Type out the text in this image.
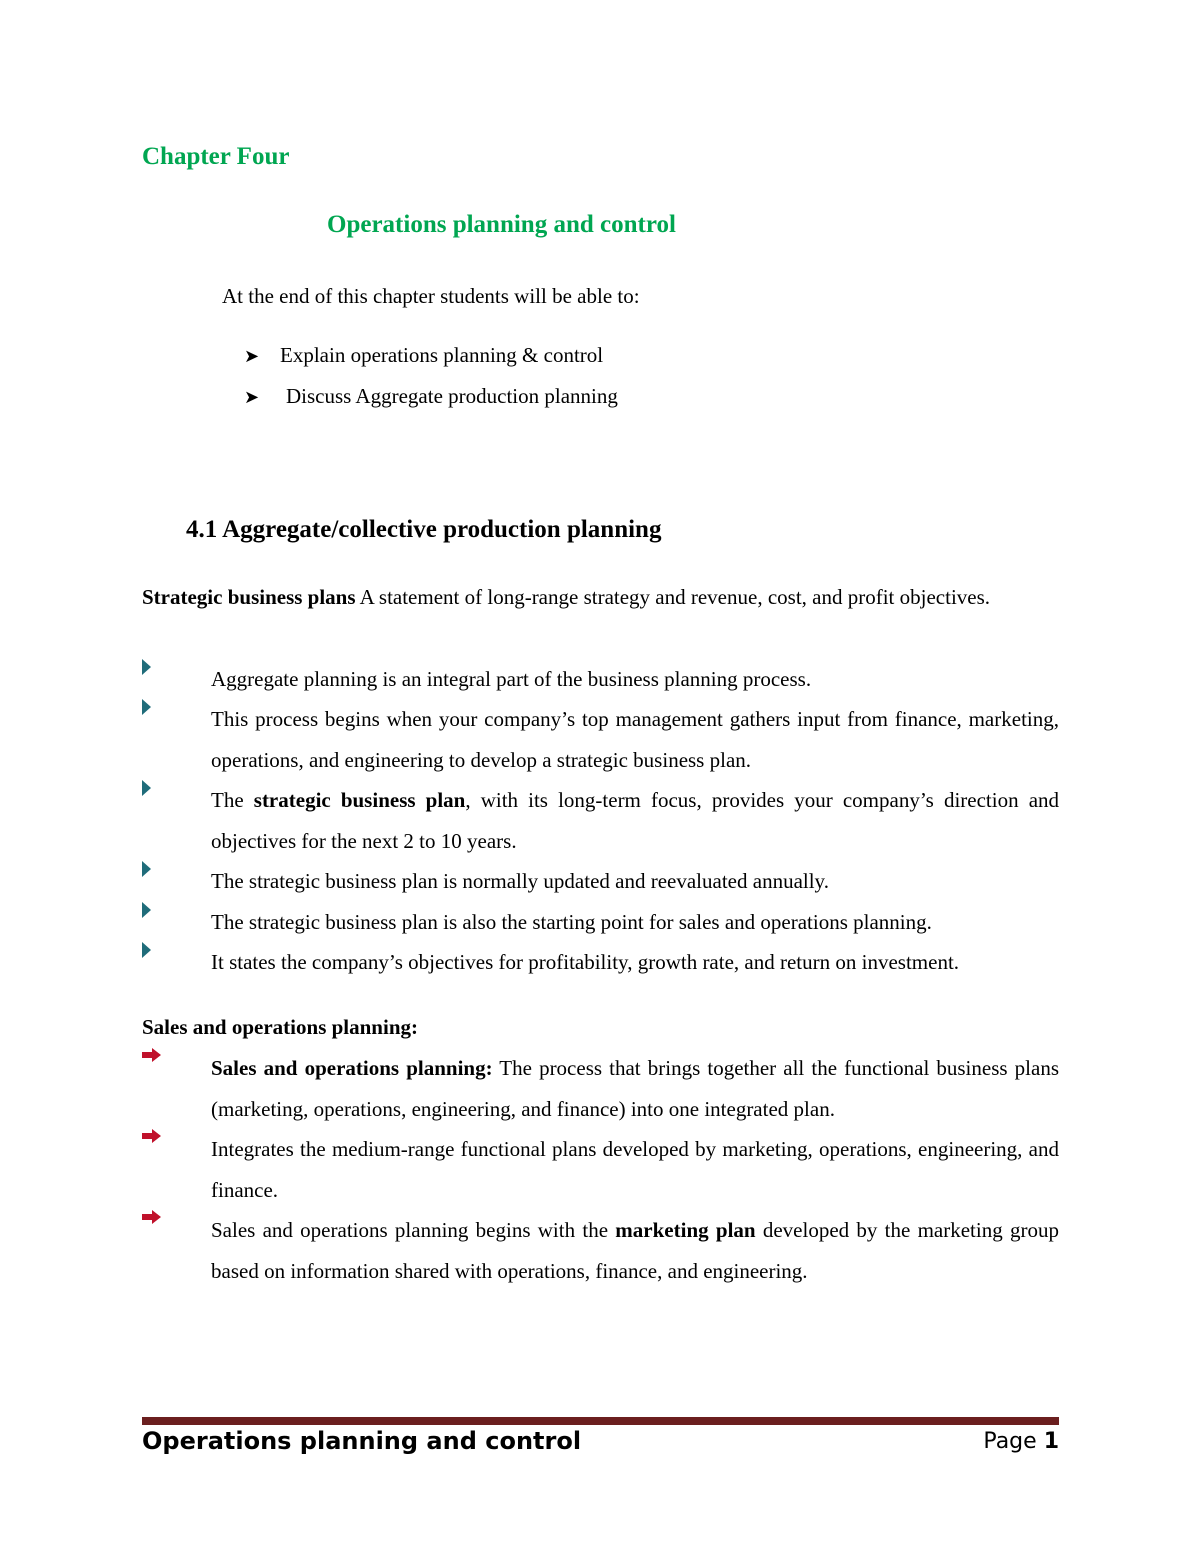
Chapter Four
Operations planning and control
At the end of this chapter students will be able to:
➤ Explain operations planning & control
➤	Discuss Aggregate production planning
4.1 Aggregate/collective production planning
Strategic business plans A statement of long-range strategy and revenue, cost, and profit objectives.
Aggregate planning is an integral part of the business planning process.
This process begins when your company’s top management gathers input from finance, marketing, operations, and engineering to develop a strategic business plan.
The strategic business plan, with its long-term focus, provides your company’s direction and objectives for the next 2 to 10 years.
The strategic business plan is normally updated and reevaluated annually.
The strategic business plan is also the starting point for sales and operations planning.
It states the company’s objectives for profitability, growth rate, and return on investment.
Sales and operations planning:
Sales and operations planning: The process that brings together all the functional business plans (marketing, operations, engineering, and finance) into one integrated plan.
Integrates the medium-range functional plans developed by marketing, operations, engineering, and finance.
Sales and operations planning begins with the marketing plan developed by the marketing group based on information shared with operations, finance, and engineering.
Operations planning and control	Page 1
